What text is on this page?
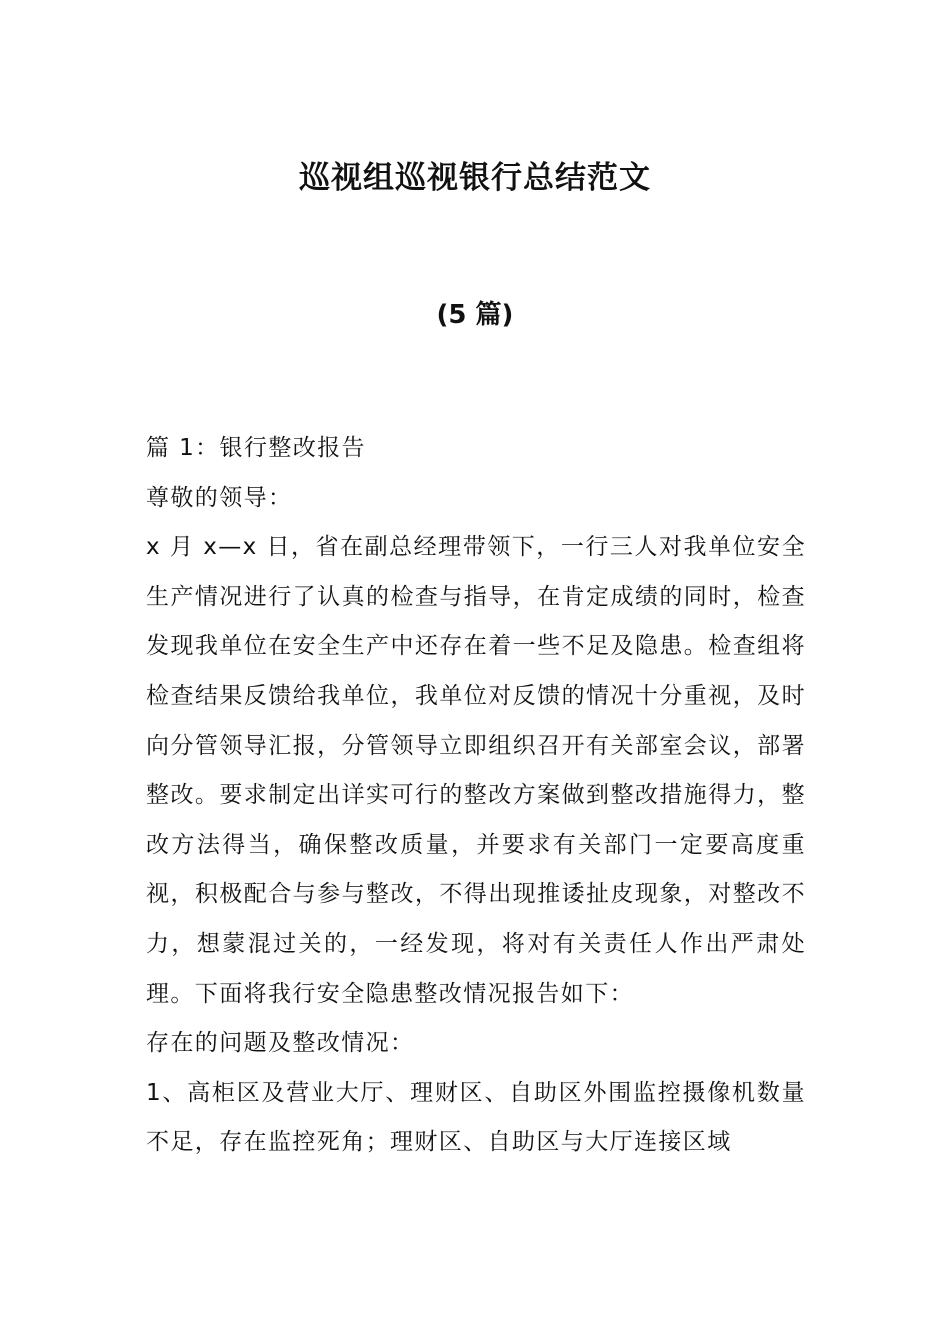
巡视组巡视银行总结范文
(5 篇)

篇 1：银行整改报告

尊敬的领导：

x 月 x—x 日，省在副总经理带领下，一行三人对我单位安全生产情况进行了认真的检查与指导，在肯定成绩的同时，检查发现我单位在安全生产中还存在着一些不足及隐患。检查组将检查结果反馈给我单位，我单位对反馈的情况十分重视，及时向分管领导汇报，分管领导立即组织召开有关部室会议，部署整改。要求制定出详实可行的整改方案做到整改措施得力，整改方法得当，确保整改质量，并要求有关部门一定要高度重视，积极配合与参与整改，不得出现推诿扯皮现象，对整改不力，想蒙混过关的，一经发现，将对有关责任人作出严肃处理。下面将我行安全隐患整改情况报告如下：

存在的问题及整改情况：

1、高柜区及营业大厅、理财区、自助区外围监控摄像机数量不足，存在监控死角；理财区、自助区与大厅连接区域
